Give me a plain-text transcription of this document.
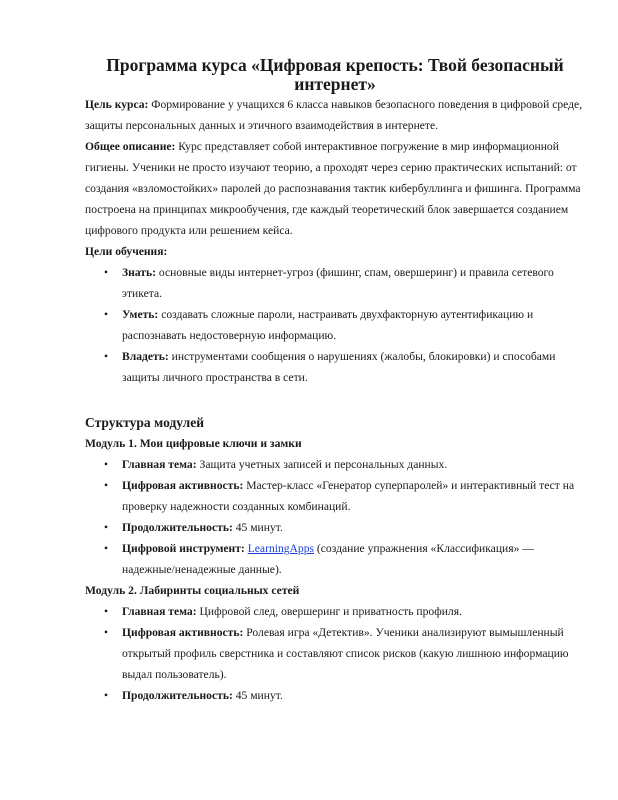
Программа курса «Цифровая крепость: Твой безопасный интернет»

Цель курса: Формирование у учащихся 6 класса навыков безопасного поведения в цифровой среде, защиты персональных данных и этичного взаимодействия в интернете.

Общее описание: Курс представляет собой интерактивное погружение в мир информационной гигиены. Ученики не просто изучают теорию, а проходят через серию практических испытаний: от создания «взломостойких» паролей до распознавания тактик кибербуллинга и фишинга. Программа построена на принципах микрообучения, где каждый теоретический блок завершается созданием цифрового продукта или решением кейса.

Цели обучения:

• Знать: основные виды интернет-угроз (фишинг, спам, овершеринг) и правила сетевого этикета.
• Уметь: создавать сложные пароли, настраивать двухфакторную аутентификацию и распознавать недостоверную информацию.
• Владеть: инструментами сообщения о нарушениях (жалобы, блокировки) и способами защиты личного пространства в сети.
Структура модулей

Модуль 1. Мои цифровые ключи и замки

• Главная тема: Защита учетных записей и персональных данных.
• Цифровая активность: Мастер-класс «Генератор суперпаролей» и интерактивный тест на проверку надежности созданных комбинаций.
• Продолжительность: 45 минут.
• Цифровой инструмент: LearningApps (создание упражнения «Классификация» — надежные/ненадежные данные).

Модуль 2. Лабиринты социальных сетей

• Главная тема: Цифровой след, овершеринг и приватность профиля.
• Цифровая активность: Ролевая игра «Детектив». Ученики анализируют вымышленный открытый профиль сверстника и составляют список рисков (какую лишнюю информацию выдал пользователь).
• Продолжительность: 45 минут.
